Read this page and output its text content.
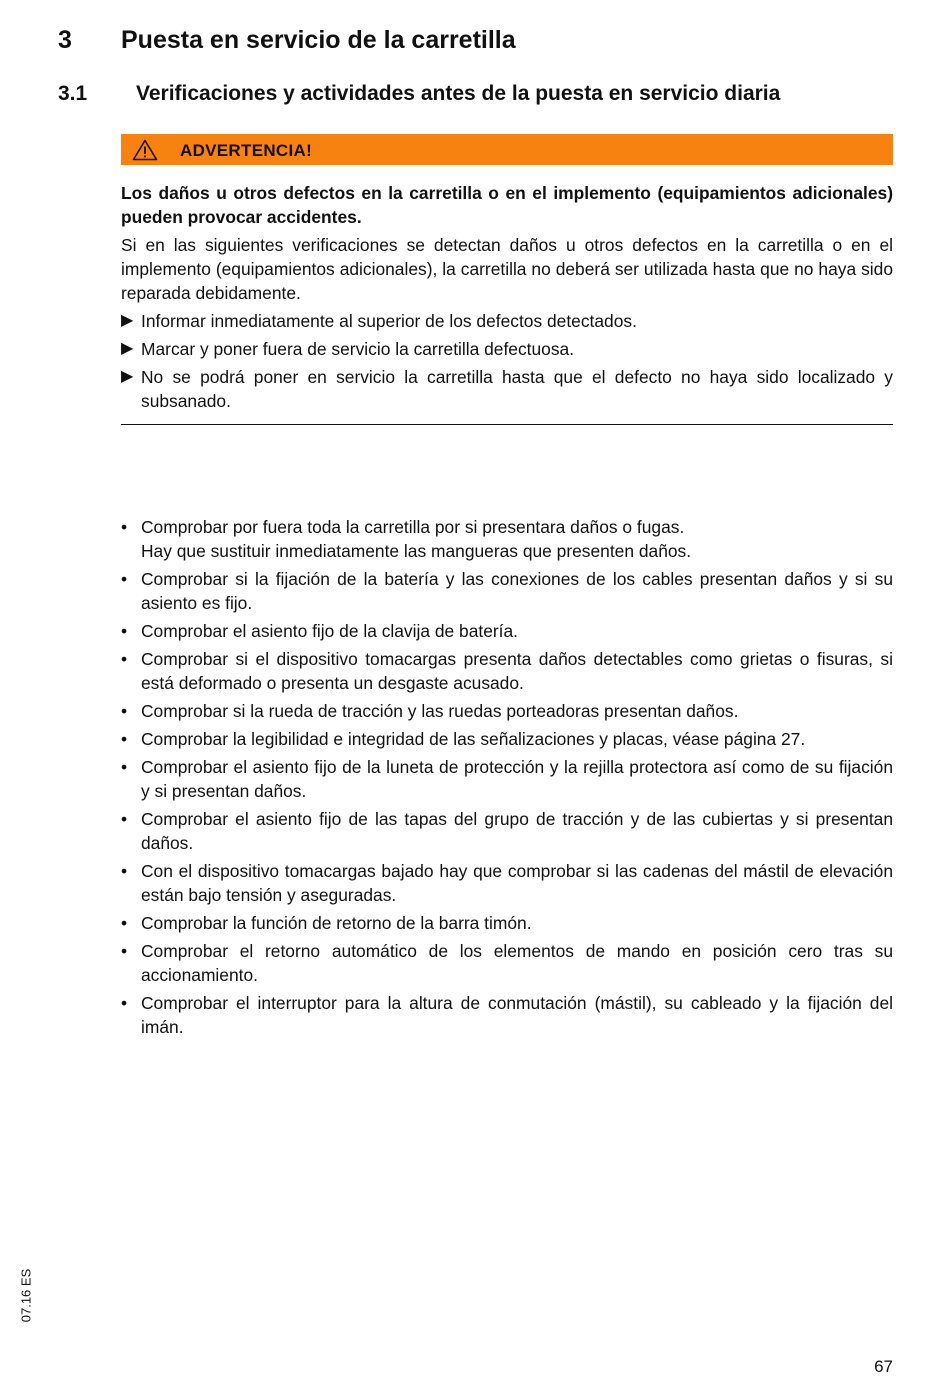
3 Puesta en servicio de la carretilla
3.1 Verificaciones y actividades antes de la puesta en servicio diaria
ADVERTENCIA!

Los daños u otros defectos en la carretilla o en el implemento (equipamientos adicionales) pueden provocar accidentes.

Si en las siguientes verificaciones se detectan daños u otros defectos en la carretilla o en el implemento (equipamientos adicionales), la carretilla no deberá ser utilizada hasta que no haya sido reparada debidamente.

▶ Informar inmediatamente al superior de los defectos detectados.
▶ Marcar y poner fuera de servicio la carretilla defectuosa.
▶ No se podrá poner en servicio la carretilla hasta que el defecto no haya sido localizado y subsanado.
• Comprobar por fuera toda la carretilla por si presentara daños o fugas.
Hay que sustituir inmediatamente las mangueras que presenten daños.
• Comprobar si la fijación de la batería y las conexiones de los cables presentan daños y si su asiento es fijo.
• Comprobar el asiento fijo de la clavija de batería.
• Comprobar si el dispositivo tomacargas presenta daños detectables como grietas o fisuras, si está deformado o presenta un desgaste acusado.
• Comprobar si la rueda de tracción y las ruedas porteadoras presentan daños.
• Comprobar la legibilidad e integridad de las señalizaciones y placas, véase página 27.
• Comprobar el asiento fijo de la luneta de protección y la rejilla protectora así como de su fijación y si presentan daños.
• Comprobar el asiento fijo de las tapas del grupo de tracción y de las cubiertas y si presentan daños.
• Con el dispositivo tomacargas bajado hay que comprobar si las cadenas del mástil de elevación están bajo tensión y aseguradas.
• Comprobar la función de retorno de la barra timón.
• Comprobar el retorno automático de los elementos de mando en posición cero tras su accionamiento.
• Comprobar el interruptor para la altura de conmutación (mástil), su cableado y la fijación del imán.
07.16 ES
67
